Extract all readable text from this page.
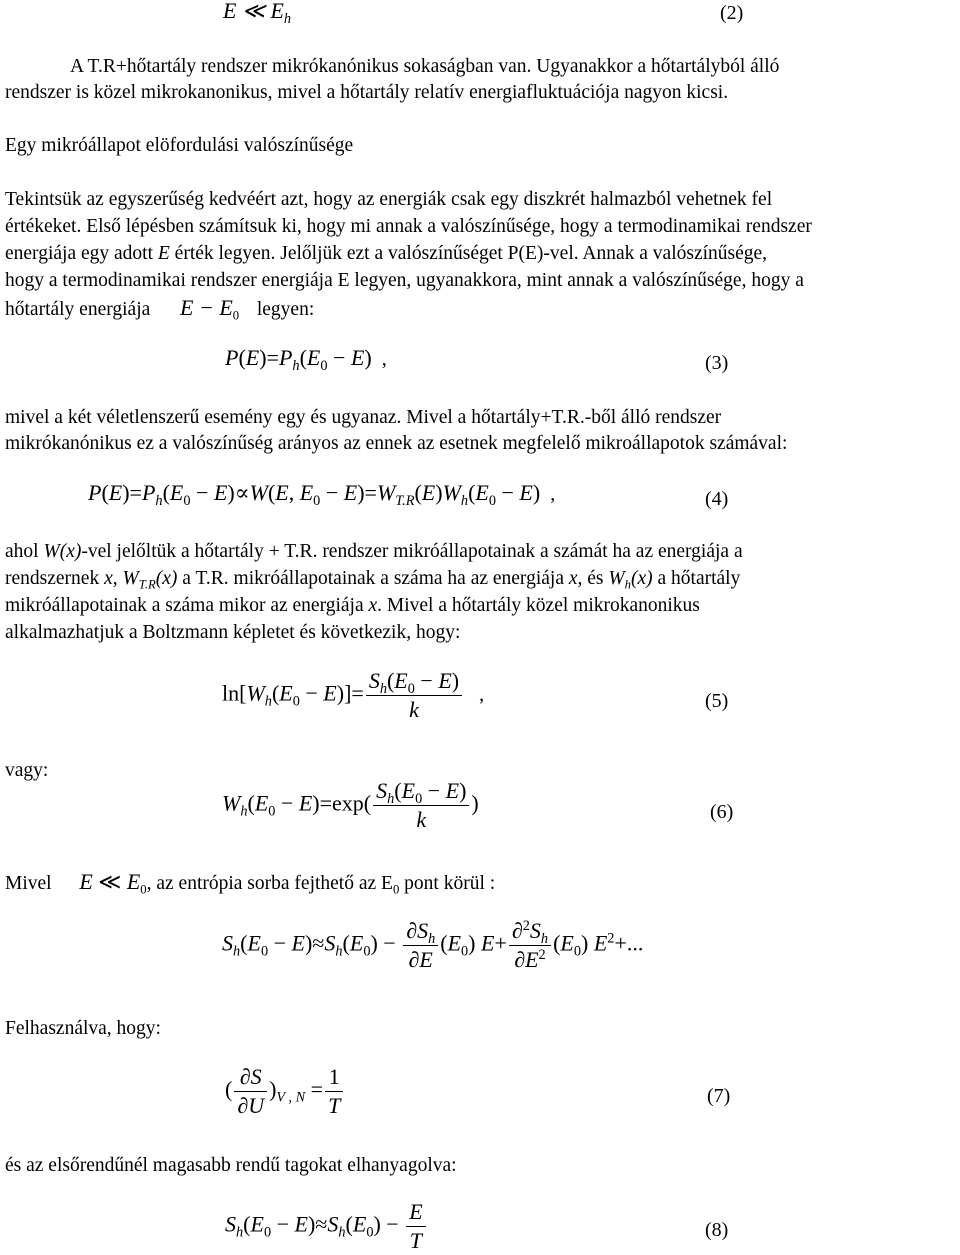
E ≪ $E_h$	(2)
A T.R+hőtartály rendszer mikrókanónikus sokaságban van. Ugyanakkor a hőtartályból álló
rendszer is közel mikrokanonikus, mivel a hőtartály relatív energiafluktuációja nagyon kicsi.
Egy mikróállapot elöfordulási valószínűsége
Tekintsük az egyszerűség kedvéért azt, hogy az energiák csak egy diszkrét halmazból vehetnek fel
értékeket. Első lépésben számítsuk ki, hogy mi annak a valószínűsége, hogy a termodinamikai rendszer
energiája egy adott E érték legyen. Jelőljük ezt a valószínűséget P(E)-vel. Annak a valószínűsége,
hogy a termodinamikai rendszer energiája E legyen, ugyanakkora, mint annak a valószínűsége, hogy a
hőtartály energiája $E - E_0$ legyen:
$P(E)=P_h(E_0 - E)$  ,	(3)
mivel a két véletlenszerű esemény egy és ugyanaz. Mivel a hőtartály+T.R.-ből álló rendszer
mikrókanónikus ez a valószínűség arányos az ennek az esetnek megfelelő mikroállapotok számával:
$P(E)=P_h(E_0 - E)\propto W(E$, $E_0 - E)=W_{T.R}(E)W_h(E_0 - E)$  ,	(4)
ahol W(x)-vel jelőltük a hőtartály + T.R. rendszer mikróállapotainak a számát ha az energiája a
rendszernek x, $W_{T.R}(x)$ a T.R. mikróállapotainak a száma ha az energiája x, és $W_h(x)$ a hőtartály
mikróállapotainak a száma mikor az energiája x. Mivel a hőtartály közel mikrokanonikus
alkalmazhatjuk a Boltzmann képletet és következik, hogy:
$\ln[W_h(E_0 - E)]= \frac{S_h(E_0 - E)}{k}$ ,	(5)
vagy:
$W_h(E_0 - E)=\exp( \frac{S_h(E_0 - E)}{k}$ )	(6)
Mivel E ≪ $E_0$, az entrópia sorba fejthető az $E_0$ pont körül :
$S_h(E_0 - E)\approx S_h(E_0) - \frac{\partial S_h}{\partial E} (E_0)$ $E+ \frac{\partial^2S_h}{\partial E^2} (E_0)$ $E^2+$...
Felhasználva, hogy:
( $\frac{\partial S}{\partial U} )_{V , N} = \frac{1}{T}$	(7)
és az elsőrendűnél magasabb rendű tagokat elhanyagolva:
$S_h(E_0 - E)\approx S_h(E_0) - \frac{E}{T}$	(8)
